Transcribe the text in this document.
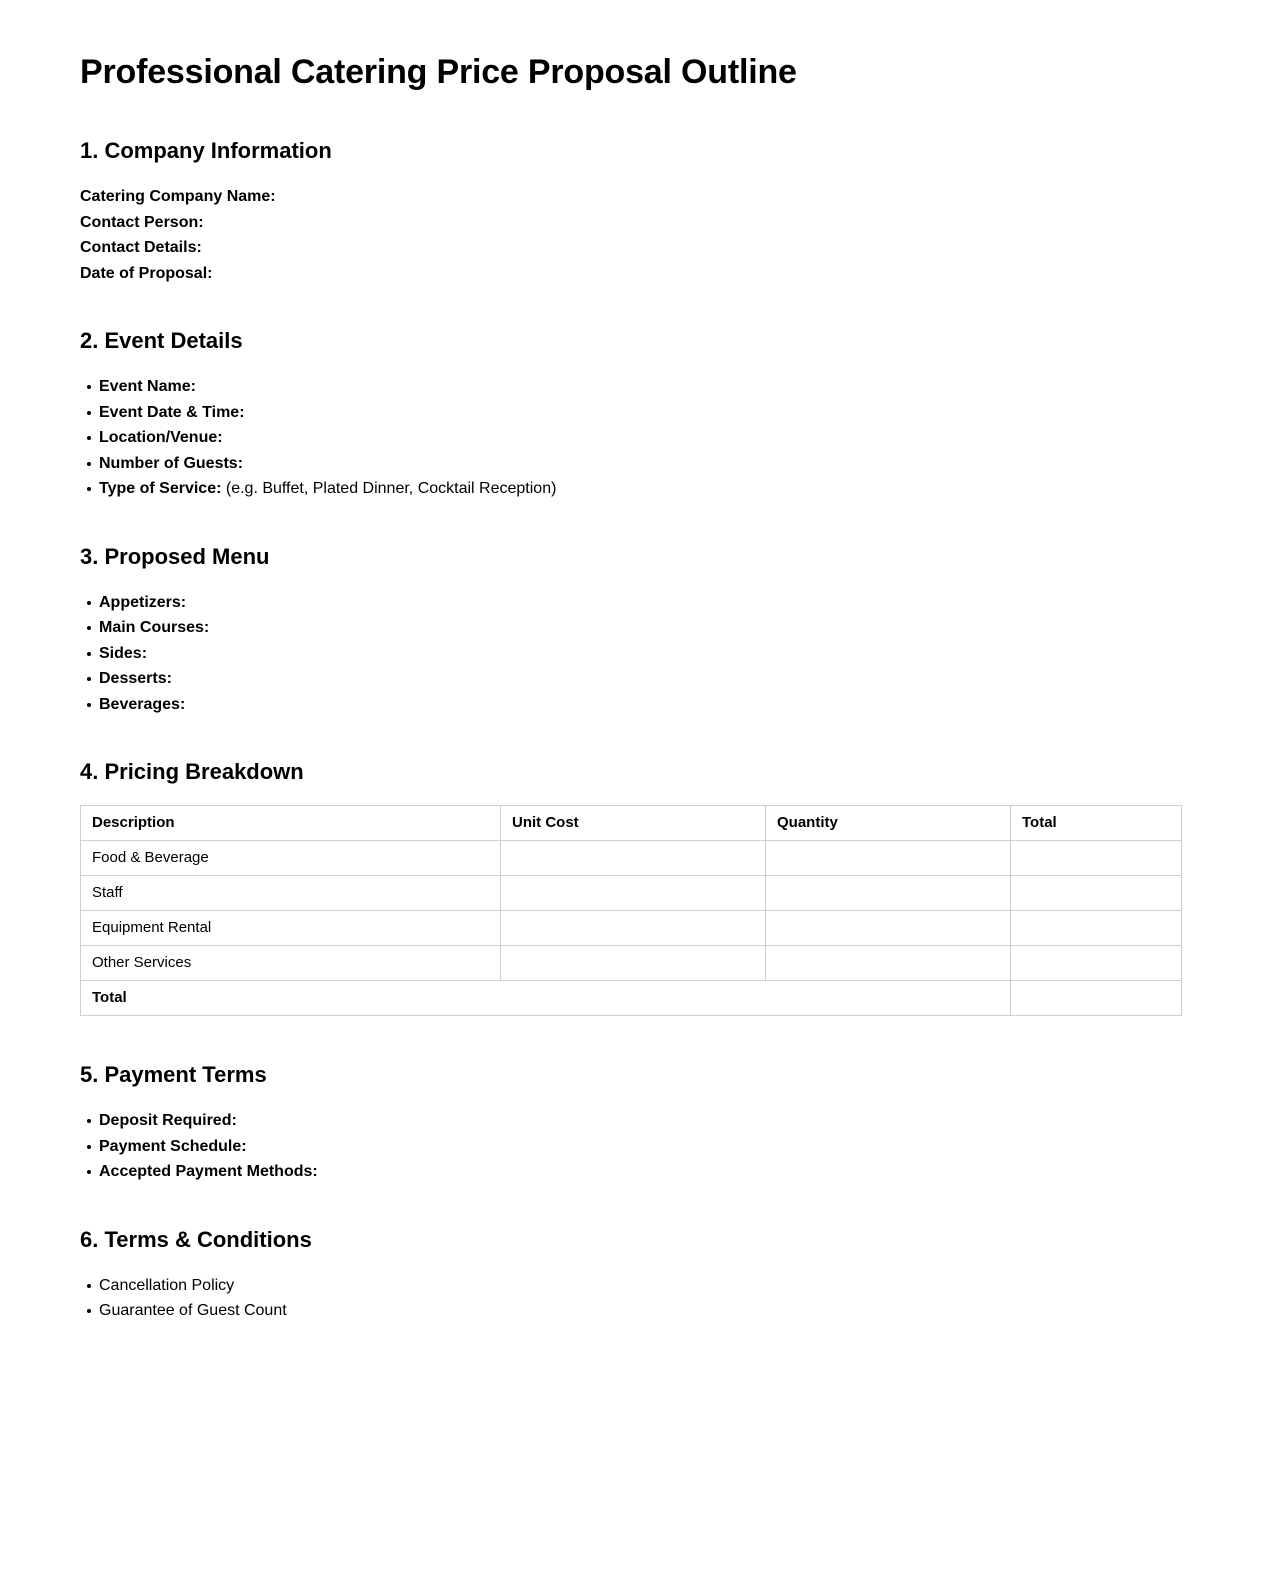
Professional Catering Price Proposal Outline
1. Company Information
Catering Company Name:
Contact Person:
Contact Details:
Date of Proposal:
2. Event Details
Event Name:
Event Date & Time:
Location/Venue:
Number of Guests:
Type of Service: (e.g. Buffet, Plated Dinner, Cocktail Reception)
3. Proposed Menu
Appetizers:
Main Courses:
Sides:
Desserts:
Beverages:
4. Pricing Breakdown
Description	Unit Cost	Quantity	Total
Food & Beverage			
Staff			
Equipment Rental			
Other Services			
Total			
5. Payment Terms
Deposit Required:
Payment Schedule:
Accepted Payment Methods:
6. Terms & Conditions
Cancellation Policy
Guarantee of Guest Count
